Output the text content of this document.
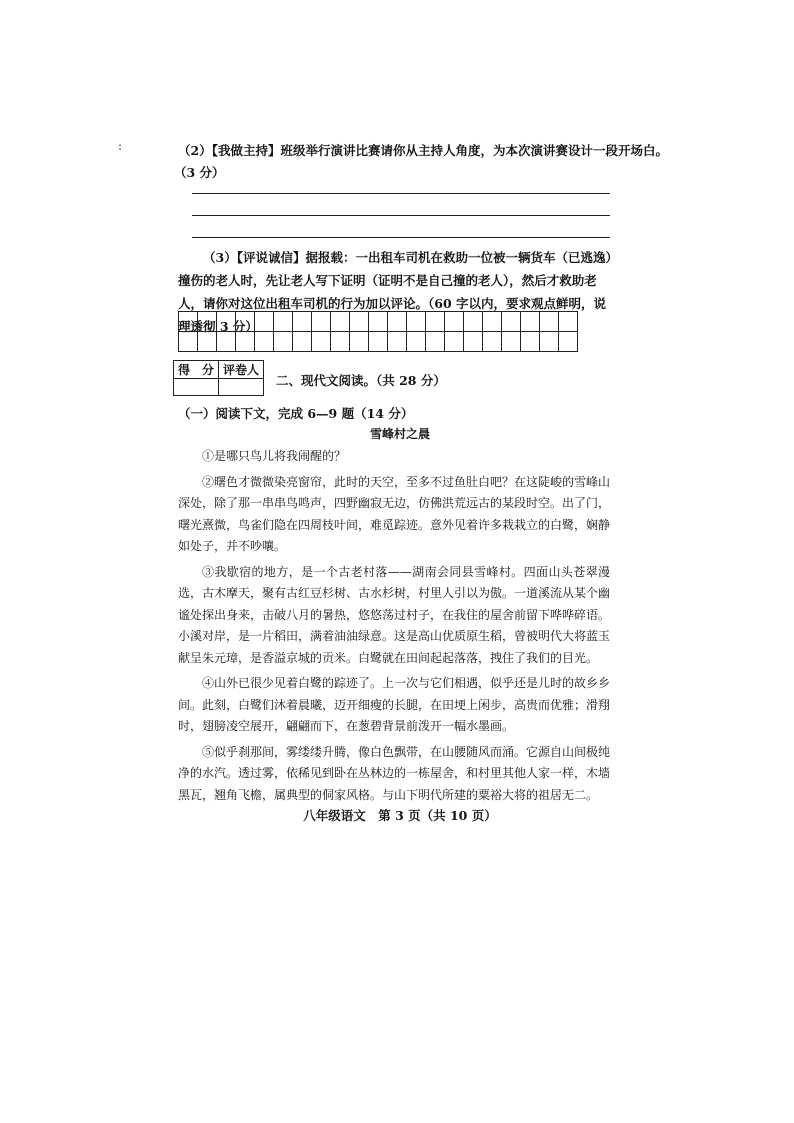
:	（2）【我做主持】班级举行演讲比赛请你从主持人角度，为本次演讲赛设计一段开场白。
（3 分）

（3）【评说诚信】据报载：一出租车司机在救助一位被一辆货车（已逃逸）撞伤的老人时，先让老人写下证明（证明不是自己撞的老人），然后才救助老人，请你对这位出租车司机的行为加以评论。（60 字以内，要求观点鲜明，说理透彻 3 分）

得　分	评卷人

二、现代文阅读。（共 28 分）
（一）阅读下文，完成 6—9 题（14 分）
雪峰村之晨

①是哪只鸟儿将我闹醒的？

②曙色才微微染亮窗帘，此时的天空，至多不过鱼肚白吧？在这陡峻的雪峰山深处，除了那一串串鸟鸣声，四野幽寂无边，仿佛洪荒远古的某段时空。出了门，曙光熹微，鸟雀们隐在四周枝叶间，难觅踪迹。意外见着许多栽栽立的白鹭，娴静如处子，并不吵嚷。

③我歇宿的地方，是一个古老村落——湖南会同县雪峰村。四面山头苍翠漫选，古木摩天，聚有古红豆杉树、古水杉树，村里人引以为傲。一道溪流从某个幽谧处探出身来，击破八月的暑热，悠悠荡过村子，在我住的屋舍前留下哗哗碎语。小溪对岸，是一片稻田，满着油油绿意。这是高山优质原生稻，曾被明代大将蓝玉献呈朱元璋，是香溢京城的贡米。白鹭就在田间起起落落，拽住了我们的目光。

④山外已很少见着白鹭的踪迹了。上一次与它们相遇，似乎还是儿时的故乡乡间。此刻，白鹭们沐着晨曦，迈开细瘦的长腿，在田埂上闲步，高贵而优雅；滑翔时，翅膀凌空展开，翩翩而下，在葱碧背景前泼开一幅水墨画。

⑤似乎刹那间，雾缕缕升腾，像白色飘带，在山腰随风而涌。它源自山间极纯净的水汽。透过雾，依稀见到卧在丛林边的一栋屋舍，和村里其他人家一样，木墙黑瓦，翘角飞檐，属典型的侗家风格。与山下明代所建的粟裕大将的祖居无二。

八年级语文　第 3 页（共 10 页）
